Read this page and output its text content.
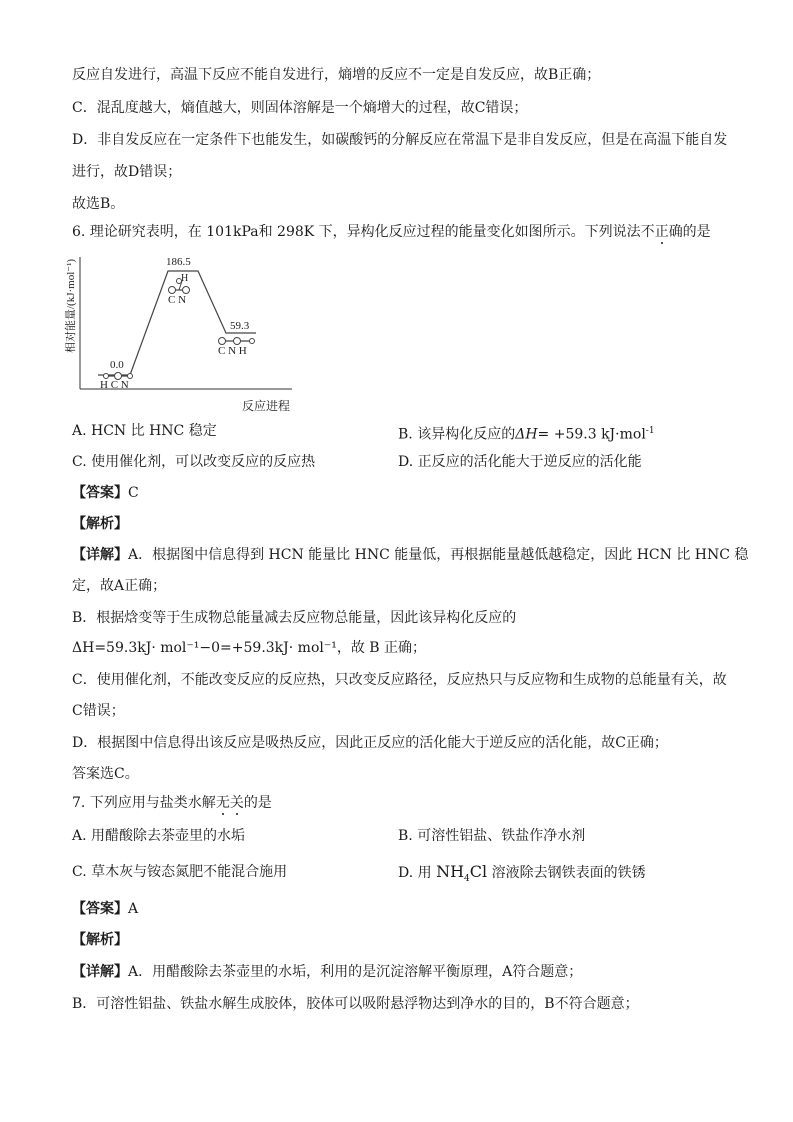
反应自发进行，高温下反应不能自发进行，熵增的反应不一定是自发反应，故B正确；
C．混乱度越大，熵值越大，则固体溶解是一个熵增大的过程，故C错误；
D．非自发反应在一定条件下也能发生，如碳酸钙的分解反应在常温下是非自发反应，但是在高温下能自发
进行，故D错误；
故选B。
6. 理论研究表明，在 101kPa和 298K 下，异构化反应过程的能量变化如图所示。下列说法不正确的是
相对能量/(kJ·mol⁻¹)
反应进程
0.0
186.5
59.3
H C N
H
C N
C N H
A. HCN 比 HNC 稳定	B. 该异构化反应的ΔH= +59.3 kJ·mol$^{-1}$
C. 使用催化剂，可以改变反应的反应热	D. 正反应的活化能大于逆反应的活化能
【答案】C
【解析】
【详解】A．根据图中信息得到 HCN 能量比 HNC 能量低，再根据能量越低越稳定，因此 HCN 比 HNC 稳
定，故A正确；
B．根据焓变等于生成物总能量减去反应物总能量，因此该异构化反应的
ΔH=59.3kJ· mol⁻¹−0=+59.3kJ· mol⁻¹，故 B 正确；
C．使用催化剂，不能改变反应的反应热，只改变反应路径，反应热只与反应物和生成物的总能量有关，故
C错误；
D．根据图中信息得出该反应是吸热反应，因此正反应的活化能大于逆反应的活化能，故C正确；
答案选C。
7. 下列应用与盐类水解无关的是
A. 用醋酸除去茶壶里的水垢	B. 可溶性铝盐、铁盐作净水剂
C. 草木灰与铵态氮肥不能混合施用	D. 用 $NH_4Cl$ 溶液除去钢铁表面的铁锈
【答案】A
【解析】
【详解】A．用醋酸除去茶壶里的水垢，利用的是沉淀溶解平衡原理，A符合题意；
B．可溶性铝盐、铁盐水解生成胶体，胶体可以吸附悬浮物达到净水的目的，B不符合题意；
